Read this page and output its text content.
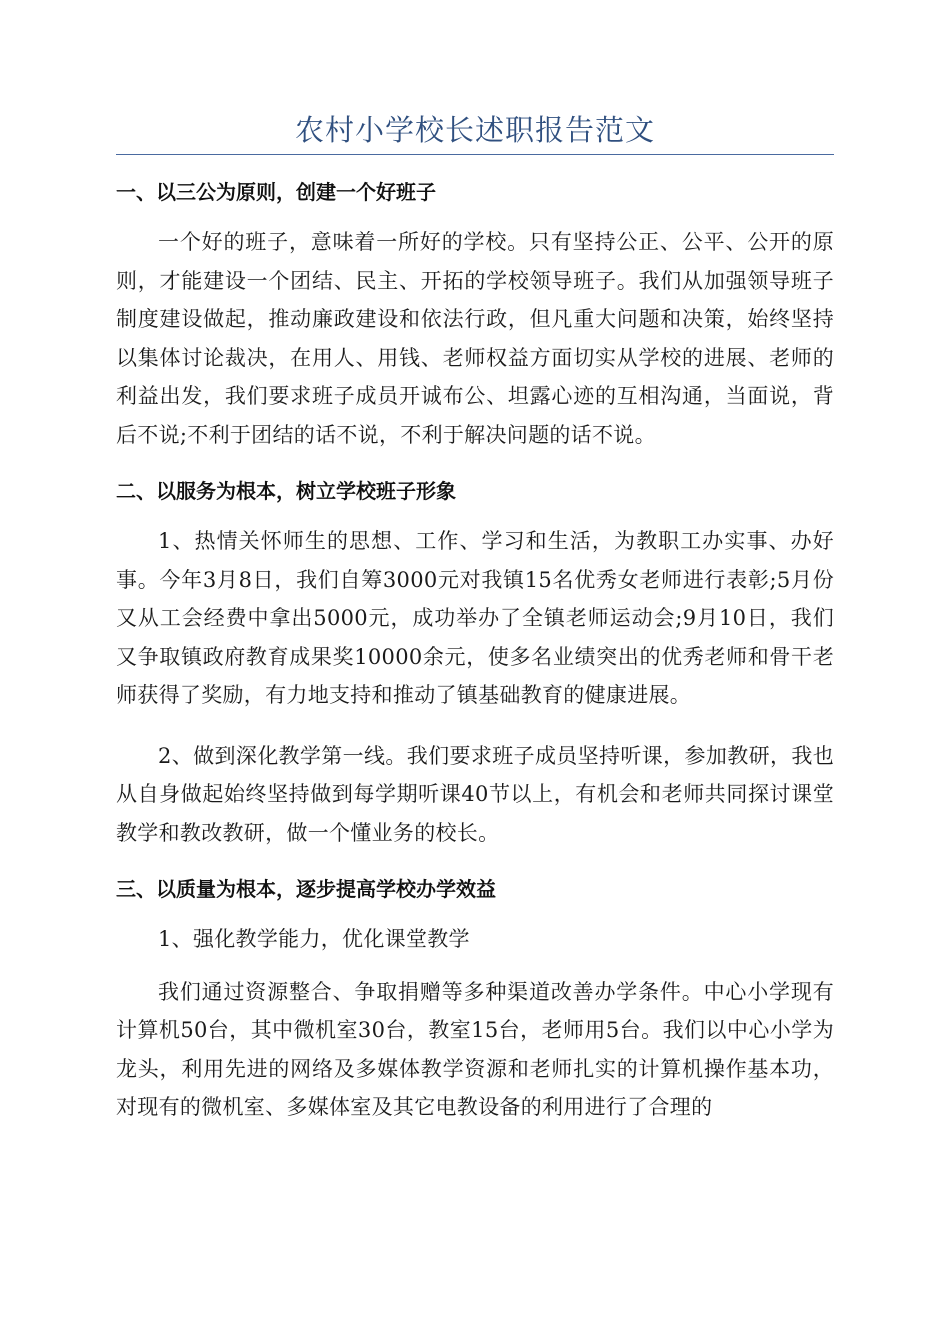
农村小学校长述职报告范文
一、以三公为原则，创建一个好班子

一个好的班子，意味着一所好的学校。只有坚持公正、公平、公开的原则，才能建设一个团结、民主、开拓的学校领导班子。我们从加强领导班子制度建设做起，推动廉政建设和依法行政，但凡重大问题和决策，始终坚持以集体讨论裁决，在用人、用钱、老师权益方面切实从学校的进展、老师的利益出发，我们要求班子成员开诚布公、坦露心迹的互相沟通，当面说，背后不说;不利于团结的话不说，不利于解决问题的话不说。

二、以服务为根本，树立学校班子形象

1、热情关怀师生的思想、工作、学习和生活，为教职工办实事、办好事。今年3月8日，我们自筹3000元对我镇15名优秀女老师进行表彰;5月份又从工会经费中拿出5000元，成功举办了全镇老师运动会;9月10日，我们又争取镇政府教育成果奖10000余元，使多名业绩突出的优秀老师和骨干老师获得了奖励，有力地支持和推动了镇基础教育的健康进展。

2、做到深化教学第一线。我们要求班子成员坚持听课，参加教研，我也从自身做起始终坚持做到每学期听课40节以上，有机会和老师共同探讨课堂教学和教改教研，做一个懂业务的校长。

三、以质量为根本，逐步提高学校办学效益

1、强化教学能力，优化课堂教学

我们通过资源整合、争取捐赠等多种渠道改善办学条件。中心小学现有计算机50台，其中微机室30台，教室15台，老师用5台。我们以中心小学为龙头，利用先进的网络及多媒体教学资源和老师扎实的计算机操作基本功，对现有的微机室、多媒体室及其它电教设备的利用进行了合理的
